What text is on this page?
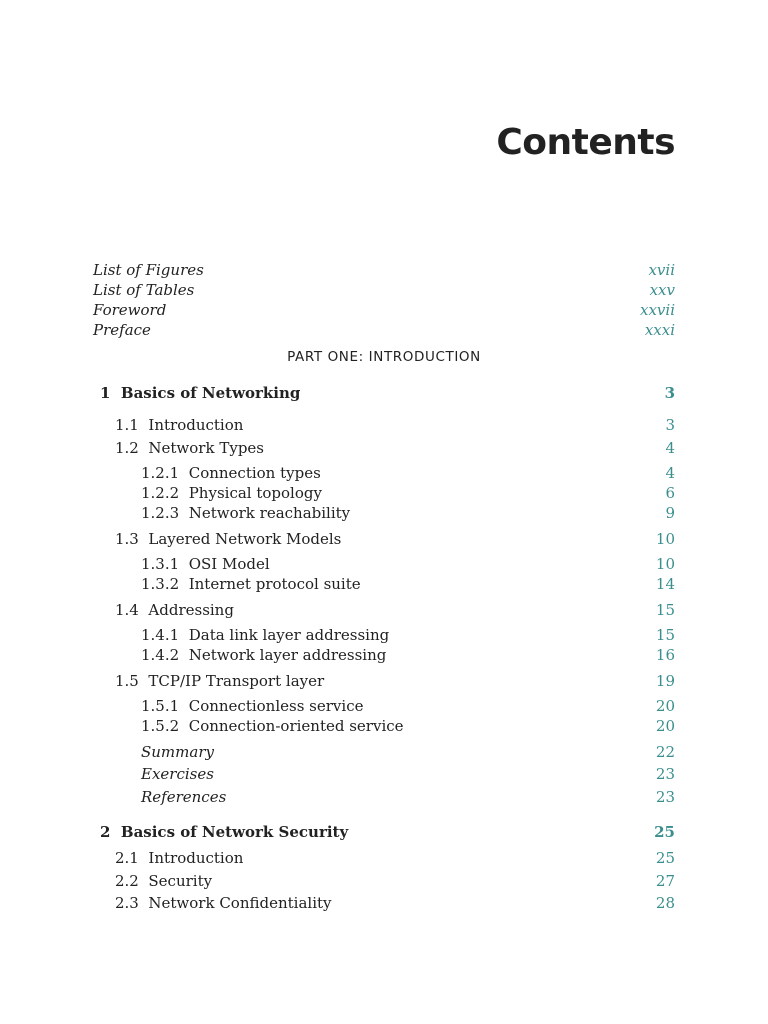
Contents
List of Figures	xvii
List of Tables	xxv
Foreword	xxvii
Preface	xxxi
PART ONE: INTRODUCTION
1 Basics of Networking	3
1.1 Introduction	3
1.2 Network Types	4
1.2.1 Connection types	4
1.2.2 Physical topology	6
1.2.3 Network reachability	9
1.3 Layered Network Models	10
1.3.1 OSI Model	10
1.3.2 Internet protocol suite	14
1.4 Addressing	15
1.4.1 Data link layer addressing	15
1.4.2 Network layer addressing	16
1.5 TCP/IP Transport layer	19
1.5.1 Connectionless service	20
1.5.2 Connection-oriented service	20
Summary	22
Exercises	23
References	23
2 Basics of Network Security	25
2.1 Introduction	25
2.2 Security	27
2.3 Network Confidentiality	28
